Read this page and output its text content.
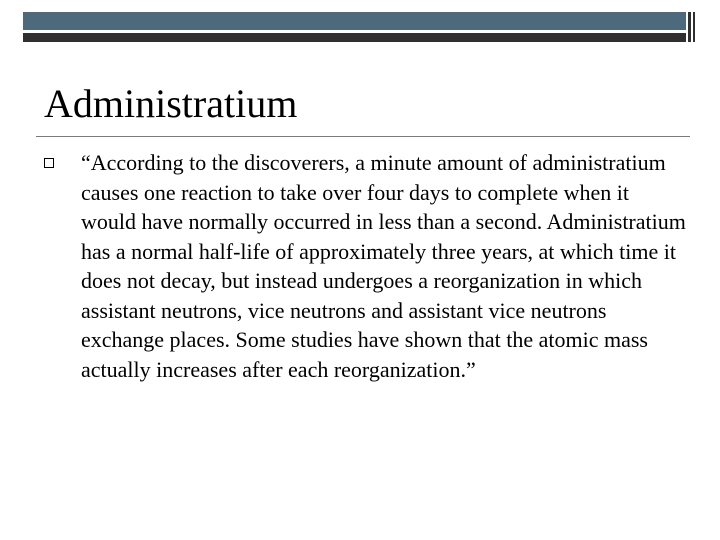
Administratium

“According to the discoverers, a minute amount of administratium causes one reaction to take over four days to complete when it would have normally occurred in less than a second. Administratium has a normal half-life of approximately three years, at which time it does not decay, but instead undergoes a reorganization in which assistant neutrons, vice neutrons and assistant vice neutrons exchange places. Some studies have shown that the atomic mass actually increases after each reorganization.”
